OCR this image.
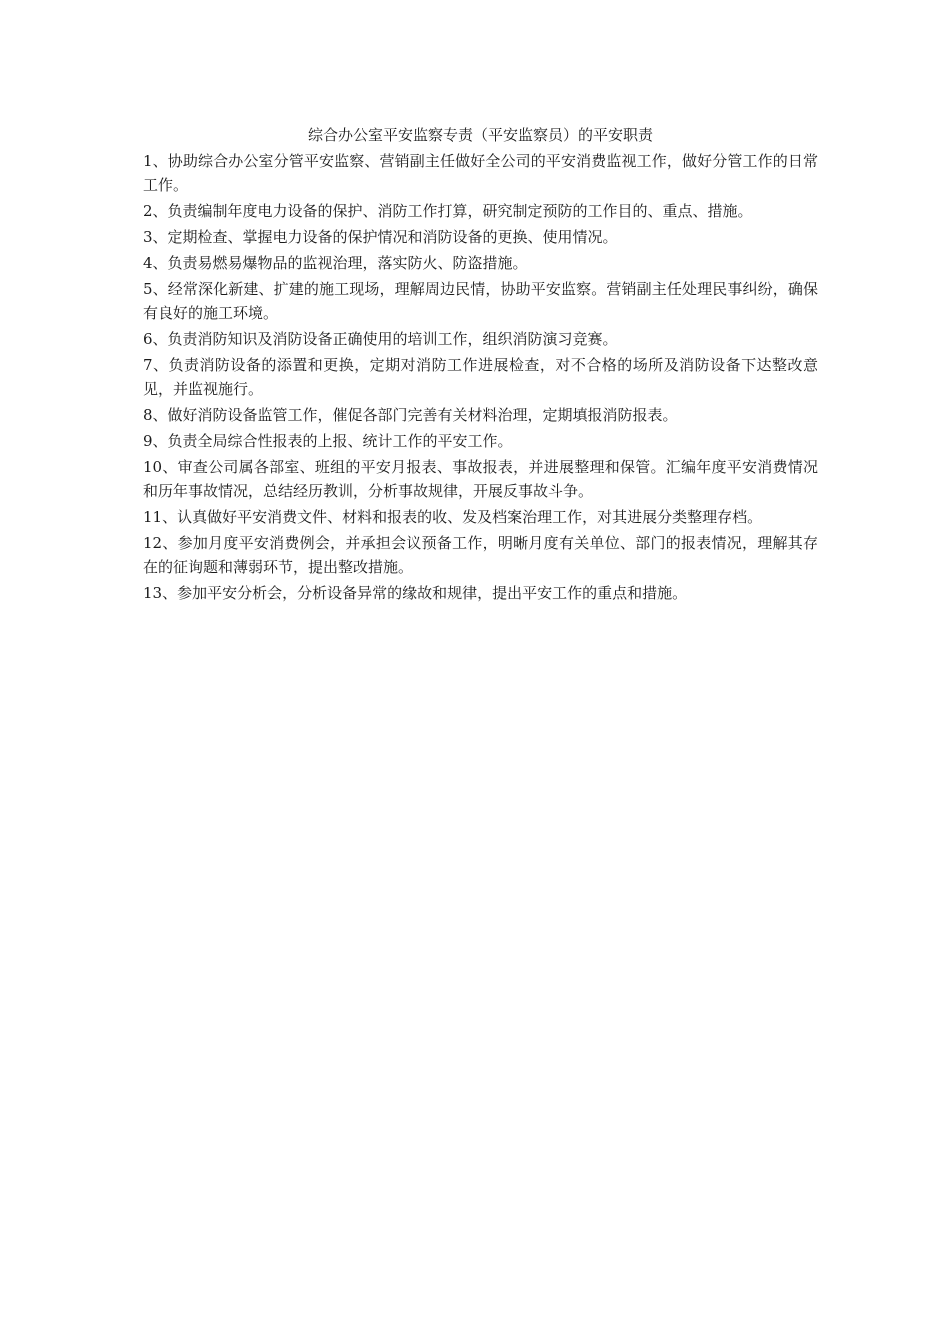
综合办公室平安监察专责（平安监察员）的平安职责

1、协助综合办公室分管平安监察、营销副主任做好全公司的平安消费监视工作，做好分管工作的日常工作。

2、负责编制年度电力设备的保护、消防工作打算，研究制定预防的工作目的、重点、措施。

3、定期检查、掌握电力设备的保护情况和消防设备的更换、使用情况。

4、负责易燃易爆物品的监视治理，落实防火、防盗措施。

5、经常深化新建、扩建的施工现场，理解周边民情，协助平安监察。营销副主任处理民事纠纷，确保有良好的施工环境。

6、负责消防知识及消防设备正确使用的培训工作，组织消防演习竞赛。

7、负责消防设备的添置和更换，定期对消防工作进展检查，对不合格的场所及消防设备下达整改意见，并监视施行。

8、做好消防设备监管工作，催促各部门完善有关材料治理，定期填报消防报表。

9、负责全局综合性报表的上报、统计工作的平安工作。

10、审查公司属各部室、班组的平安月报表、事故报表，并进展整理和保管。汇编年度平安消费情况和历年事故情况，总结经历教训，分析事故规律，开展反事故斗争。

11、认真做好平安消费文件、材料和报表的收、发及档案治理工作，对其进展分类整理存档。

12、参加月度平安消费例会，并承担会议预备工作，明晰月度有关单位、部门的报表情况，理解其存在的征询题和薄弱环节，提出整改措施。

13、参加平安分析会，分析设备异常的缘故和规律，提出平安工作的重点和措施。
